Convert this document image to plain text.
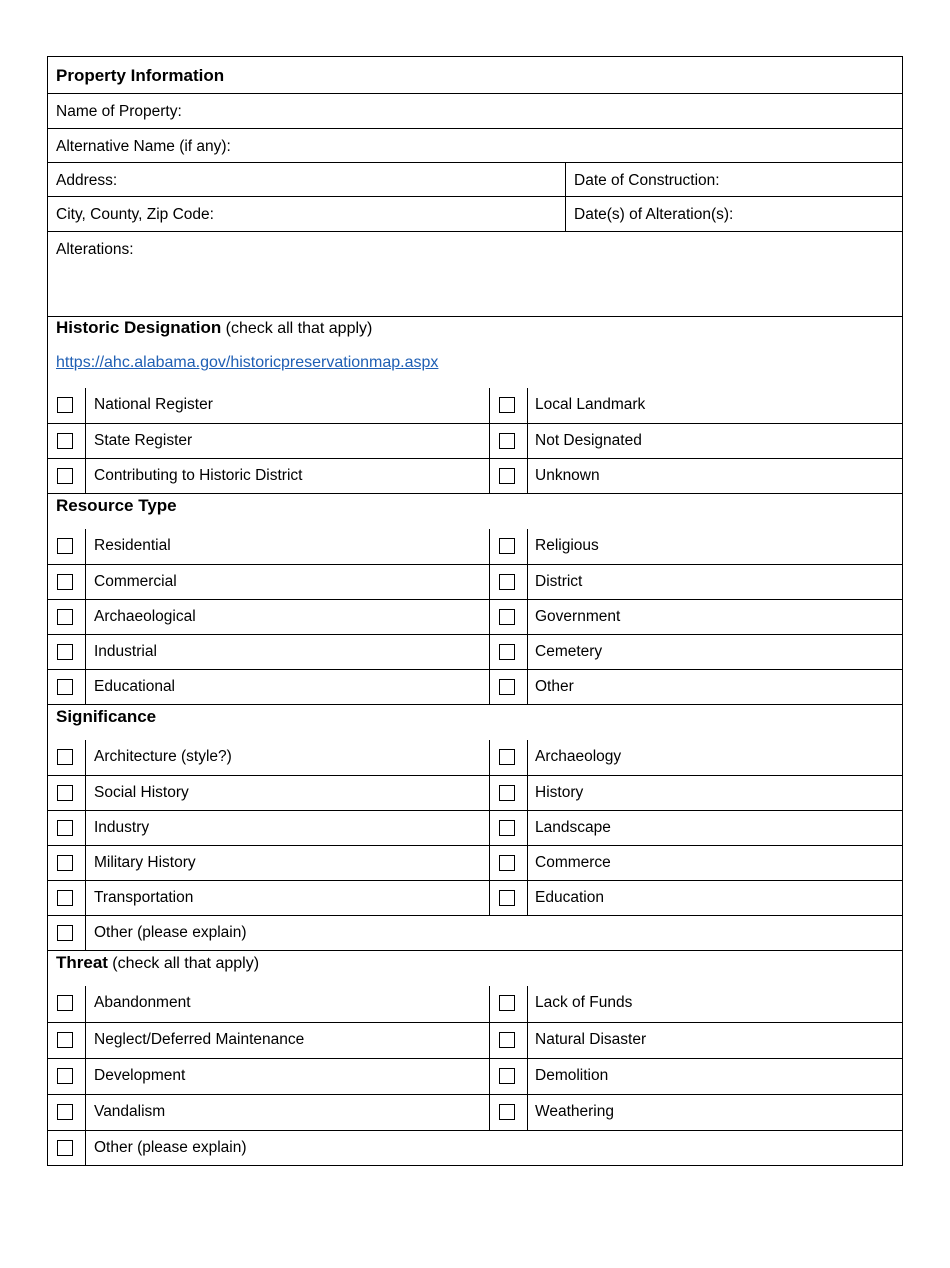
Property Information
Name of Property:
Alternative Name (if any):
Address:	Date of Construction:
City, County, Zip Code:	Date(s) of Alteration(s):
Alterations:
Historic Designation (check all that apply)
https://ahc.alabama.gov/historicpreservationmap.aspx
National Register	Local Landmark
State Register	Not Designated
Contributing to Historic District	Unknown
Resource Type
Residential	Religious
Commercial	District
Archaeological	Government
Industrial	Cemetery
Educational	Other
Significance
Architecture (style?)	Archaeology
Social History	History
Industry	Landscape
Military History	Commerce
Transportation	Education
Other (please explain)
Threat (check all that apply)
Abandonment	Lack of Funds
Neglect/Deferred Maintenance	Natural Disaster
Development	Demolition
Vandalism	Weathering
Other (please explain)
